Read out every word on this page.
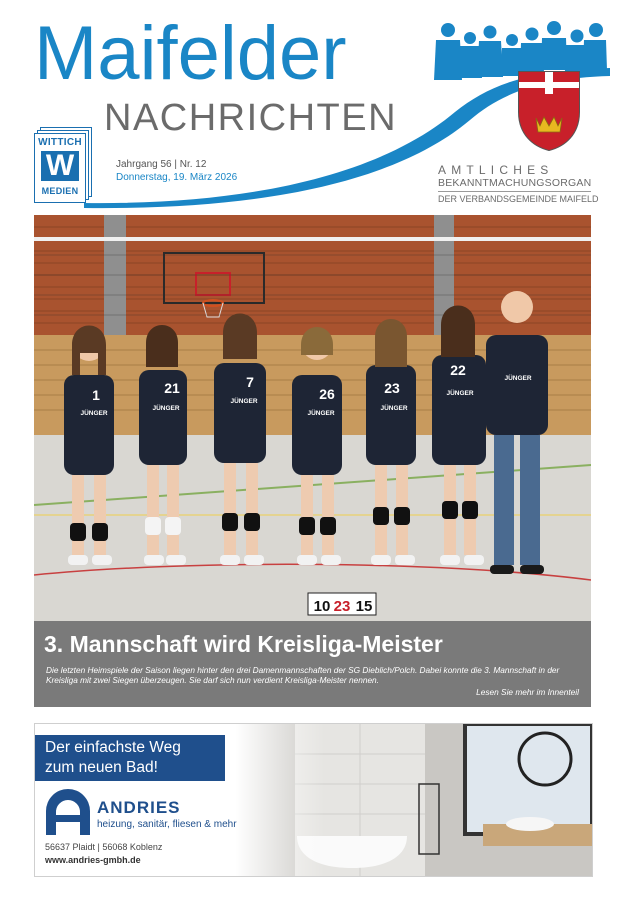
Maifelder
NACHRICHTEN
WITTICH
W
MEDIEN
Jahrgang 56 | Nr. 12
Donnerstag, 19. März 2026
AMTLICHES
BEKANNTMACHUNGSORGAN
DER VERBANDSGEMEINDE MAIFELD
1	21	7
26	23
22
JÜNGER
JÜNGER
JÜNGER
JÜNGER
JÜNGER
JÜNGER
JÜNGER
10 23 15
3. Mannschaft wird Kreisliga-Meister
Die letzten Heimspiele der Saison liegen hinter den drei Damenmannschaften der SG Dieblich/Polch. Dabei konnte die 3. Mannschaft in der Kreisliga mit zwei Siegen überzeugen. Sie darf sich nun verdient Kreisliga-Meister nennen.
Lesen Sie mehr im Innenteil
Der einfachste Weg
zum neuen Bad!
ANDRIES
heizung, sanitär, fliesen & mehr
56637 Plaidt | 56068 Koblenz
www.andries-gmbh.de
